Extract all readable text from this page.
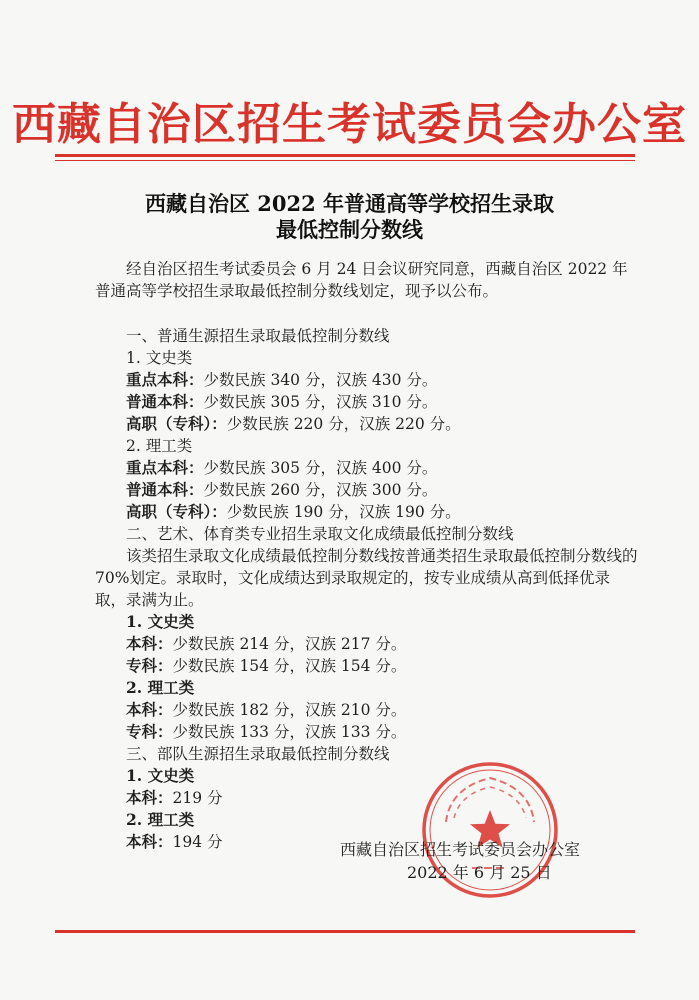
西藏自治区招生考试委员会办公室
西藏自治区 2022 年普通高等学校招生录取
最低控制分数线

经自治区招生考试委员会 6 月 24 日会议研究同意，西藏自治区 2022 年普通高等学校招生录取最低控制分数线划定，现予以公布。

一、普通生源招生录取最低控制分数线
1. 文史类
重点本科：少数民族 340 分，汉族 430 分。
普通本科：少数民族 305 分，汉族 310 分。
高职（专科）：少数民族 220 分，汉族 220 分。
2. 理工类
重点本科：少数民族 305 分，汉族 400 分。
普通本科：少数民族 260 分，汉族 300 分。
高职（专科）：少数民族 190 分，汉族 190 分。
二、艺术、体育类专业招生录取文化成绩最低控制分数线

该类招生录取文化成绩最低控制分数线按普通类招生录取最低控制分数线的 70%划定。录取时，文化成绩达到录取规定的，按专业成绩从高到低择优录取，录满为止。

1. 文史类
本科：少数民族 214 分，汉族 217 分。
专科：少数民族 154 分，汉族 154 分。
2. 理工类
本科：少数民族 182 分，汉族 210 分。
专科：少数民族 133 分，汉族 133 分。
三、部队生源招生录取最低控制分数线
1. 文史类
本科：219 分
2. 理工类
本科：194 分	西藏自治区招生考试委员会办公室
2022 年 6 月 25 日
